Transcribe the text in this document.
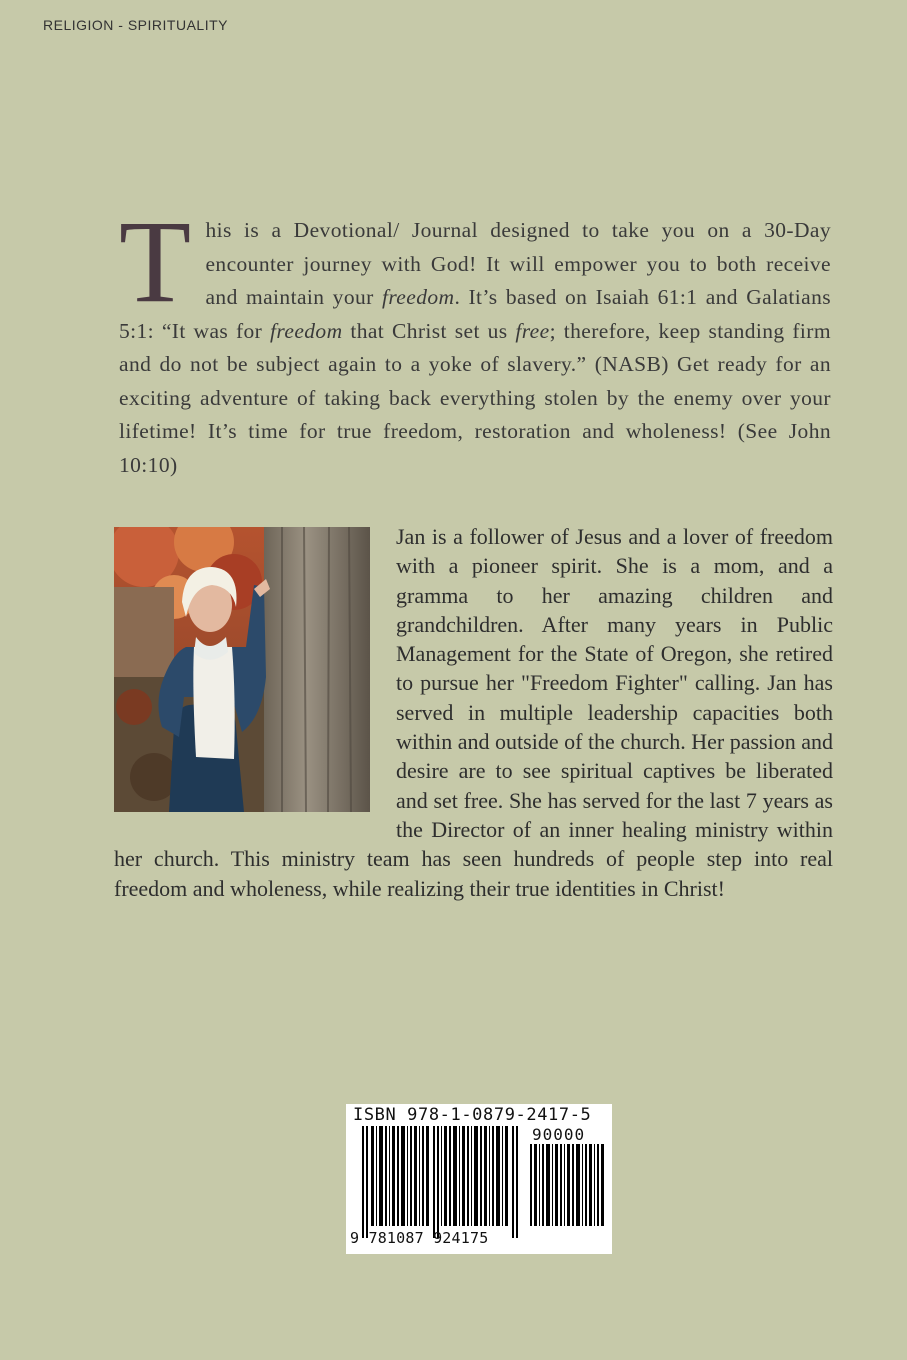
RELIGION - SPIRITUALITY
This is a Devotional/ Journal designed to take you on a 30-Day encounter journey with God! It will empower you to both receive and maintain your freedom. It’s based on Isaiah 61:1 and Galatians 5:1: “It was for freedom that Christ set us free; therefore, keep standing firm and do not be subject again to a yoke of slavery.” (NASB) Get ready for an exciting adventure of taking back everything stolen by the enemy over your lifetime! It’s time for true freedom, restoration and wholeness! (See John 10:10)
Jan is a follower of Jesus and a lover of freedom with a pioneer spirit. She is a mom, and a gramma to her amazing children and grandchildren. After many years in Public Management for the State of Oregon, she retired to pursue her "Freedom Fighter" calling. Jan has served in multiple leadership capacities both within and outside of the church. Her passion and desire are to see spiritual captives be liberated and set free. She has served for the last 7 years as the Director of an inner healing ministry within her church. This ministry team has seen hundreds of people step into real freedom and wholeness, while realizing their true identities in Christ!
ISBN 978-1-0879-2417-5
90000
9 781087 924175
